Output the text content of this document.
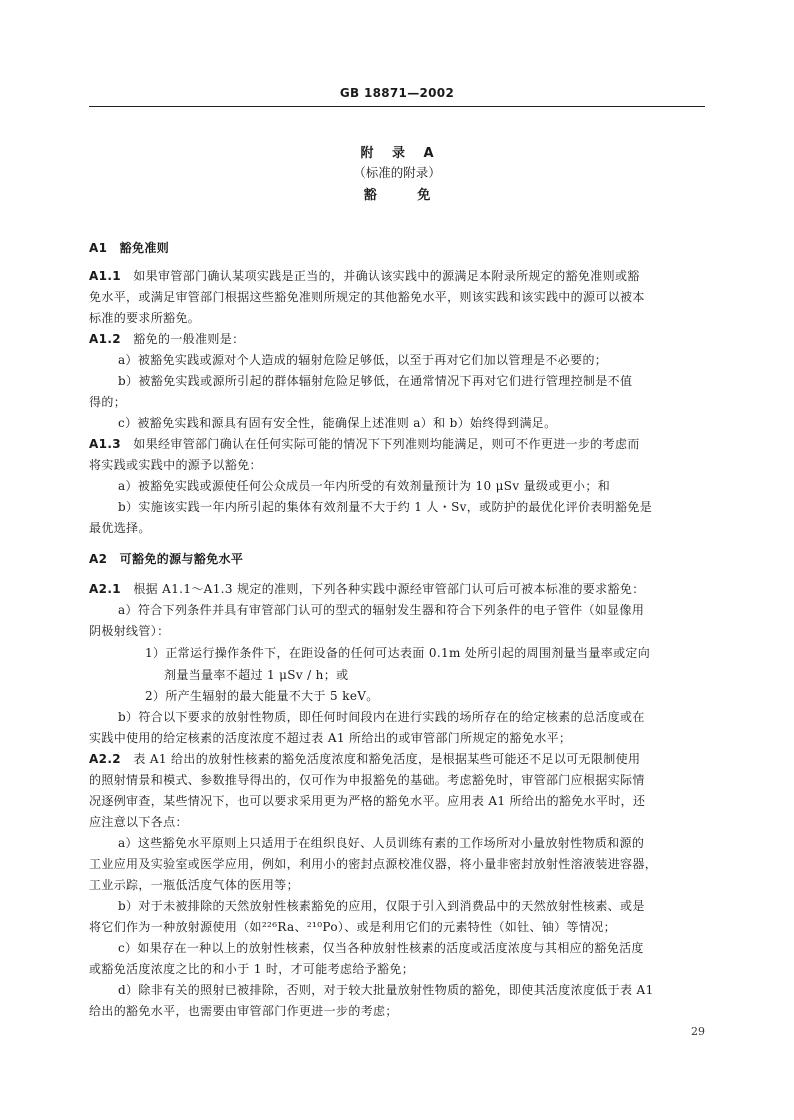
GB 18871—2002
附 录 A
（标准的附录）
豁 免
A1　豁免准则
A1.1　 如果审管部门确认某项实践是正当的，并确认该实践中的源满足本附录所规定的豁免准则或豁
免水平，或满足审管部门根据这些豁免准则所规定的其他豁免水平，则该实践和该实践中的源可以被本
标准的要求所豁免。
A1.2　 豁免的一般准则是：
a）被豁免实践或源对个人造成的辐射危险足够低，以至于再对它们加以管理是不必要的；
b）被豁免实践或源所引起的群体辐射危险足够低，在通常情况下再对它们进行管理控制是不值
得的；
c）被豁免实践和源具有固有安全性，能确保上述准则 a）和 b）始终得到满足。
A1.3　 如果经审管部门确认在任何实际可能的情况下下列准则均能满足，则可不作更进一步的考虑而
将实践或实践中的源予以豁免：
a）被豁免实践或源使任何公众成员一年内所受的有效剂量预计为 10 μSv 量级或更小；和
b）实施该实践一年内所引起的集体有效剂量不大于约 1 人・Sv，或防护的最优化评价表明豁免是
最优选择。
A2　可豁免的源与豁免水平
A2.1　 根据 A1.1～A1.3 规定的准则，下列各种实践中源经审管部门认可后可被本标准的要求豁免：
a）符合下列条件并具有审管部门认可的型式的辐射发生器和符合下列条件的电子管件（如显像用
阴极射线管）：
1）正常运行操作条件下，在距设备的任何可达表面 0.1m 处所引起的周围剂量当量率或定向
剂量当量率不超过 1 μSv / h；或
2）所产生辐射的最大能量不大于 5 keV。
b）符合以下要求的放射性物质，即任何时间段内在进行实践的场所存在的给定核素的总活度或在
实践中使用的给定核素的活度浓度不超过表 A1 所给出的或审管部门所规定的豁免水平；
A2.2　 表 A1 给出的放射性核素的豁免活度浓度和豁免活度，是根据某些可能还不足以可无限制使用
的照射情景和模式、参数推导得出的，仅可作为申报豁免的基础。考虑豁免时，审管部门应根据实际情
况逐例审查，某些情况下，也可以要求采用更为严格的豁免水平。应用表 A1 所给出的豁免水平时，还
应注意以下各点：
a）这些豁免水平原则上只适用于在组织良好、人员训练有素的工作场所对小量放射性物质和源的
工业应用及实验室或医学应用，例如，利用小的密封点源校准仪器，将小量非密封放射性溶液装进容器，
工业示踪，一瓶低活度气体的医用等；
b）对于未被排除的天然放射性核素豁免的应用，仅限于引入到消费品中的天然放射性核素、或是
将它们作为一种放射源使用（如²²⁶Ra、²¹⁰Po）、或是利用它们的元素特性（如钍、铀）等情况；
c）如果存在一种以上的放射性核素，仅当各种放射性核素的活度或活度浓度与其相应的豁免活度
或豁免活度浓度之比的和小于 1 时，才可能考虑给予豁免；
d）除非有关的照射已被排除，否则，对于较大批量放射性物质的豁免，即使其活度浓度低于表 A1
给出的豁免水平，也需要由审管部门作更进一步的考虑；
29
